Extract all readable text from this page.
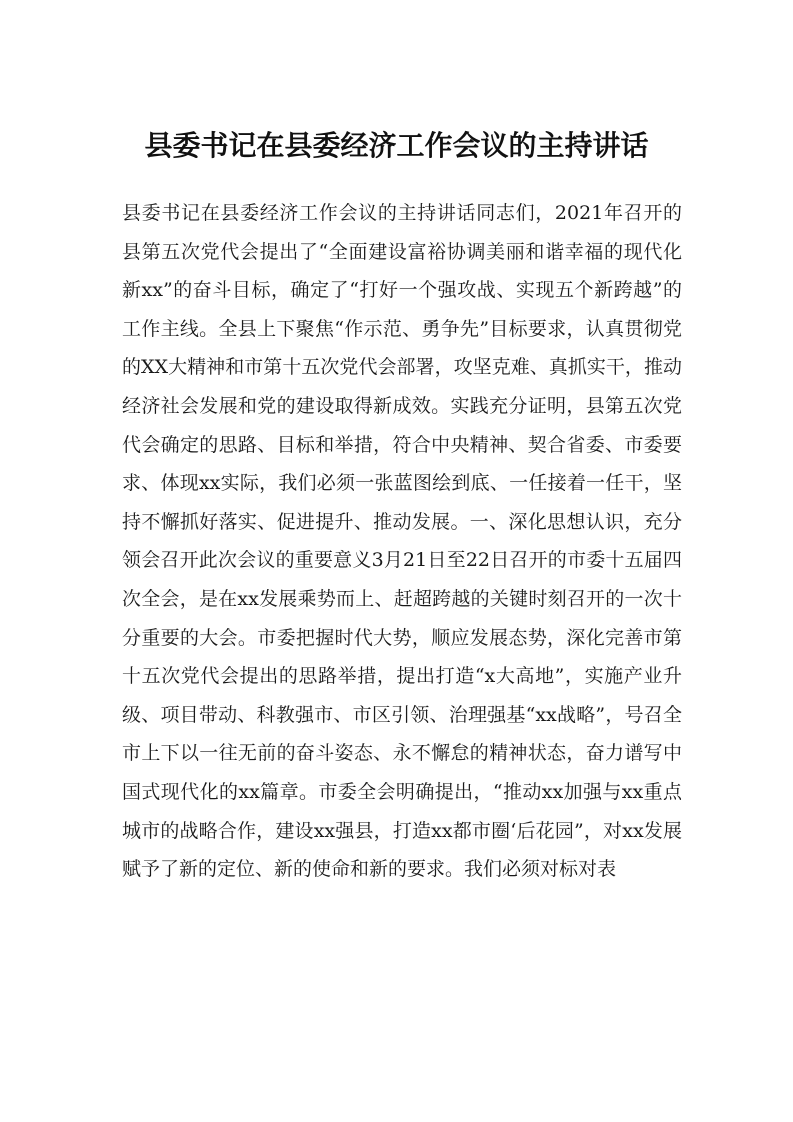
县委书记在县委经济工作会议的主持讲话

县委书记在县委经济工作会议的主持讲话同志们，2021年召开的县第五次党代会提出了“全面建设富裕协调美丽和谐幸福的现代化新xx”的奋斗目标，确定了“打好一个强攻战、实现五个新跨越”的工作主线。全县上下聚焦“作示范、勇争先”目标要求，认真贯彻党的XX大精神和市第十五次党代会部署，攻坚克难、真抓实干，推动经济社会发展和党的建设取得新成效。实践充分证明，县第五次党代会确定的思路、目标和举措，符合中央精神、契合省委、市委要求、体现xx实际，我们必须一张蓝图绘到底、一任接着一任干，坚持不懈抓好落实、促进提升、推动发展。一、深化思想认识，充分领会召开此次会议的重要意义3月21日至22日召开的市委十五届四次全会，是在xx发展乘势而上、赶超跨越的关键时刻召开的一次十分重要的大会。市委把握时代大势，顺应发展态势，深化完善市第十五次党代会提出的思路举措，提出打造“x大高地”，实施产业升级、项目带动、科教强市、市区引领、治理强基“xx战略”，号召全市上下以一往无前的奋斗姿态、永不懈怠的精神状态，奋力谱写中国式现代化的xx篇章。市委全会明确提出，“推动xx加强与xx重点城市的战略合作，建设xx强县，打造xx都市圈‘后花园”，对xx发展赋予了新的定位、新的使命和新的要求。我们必须对标对表
